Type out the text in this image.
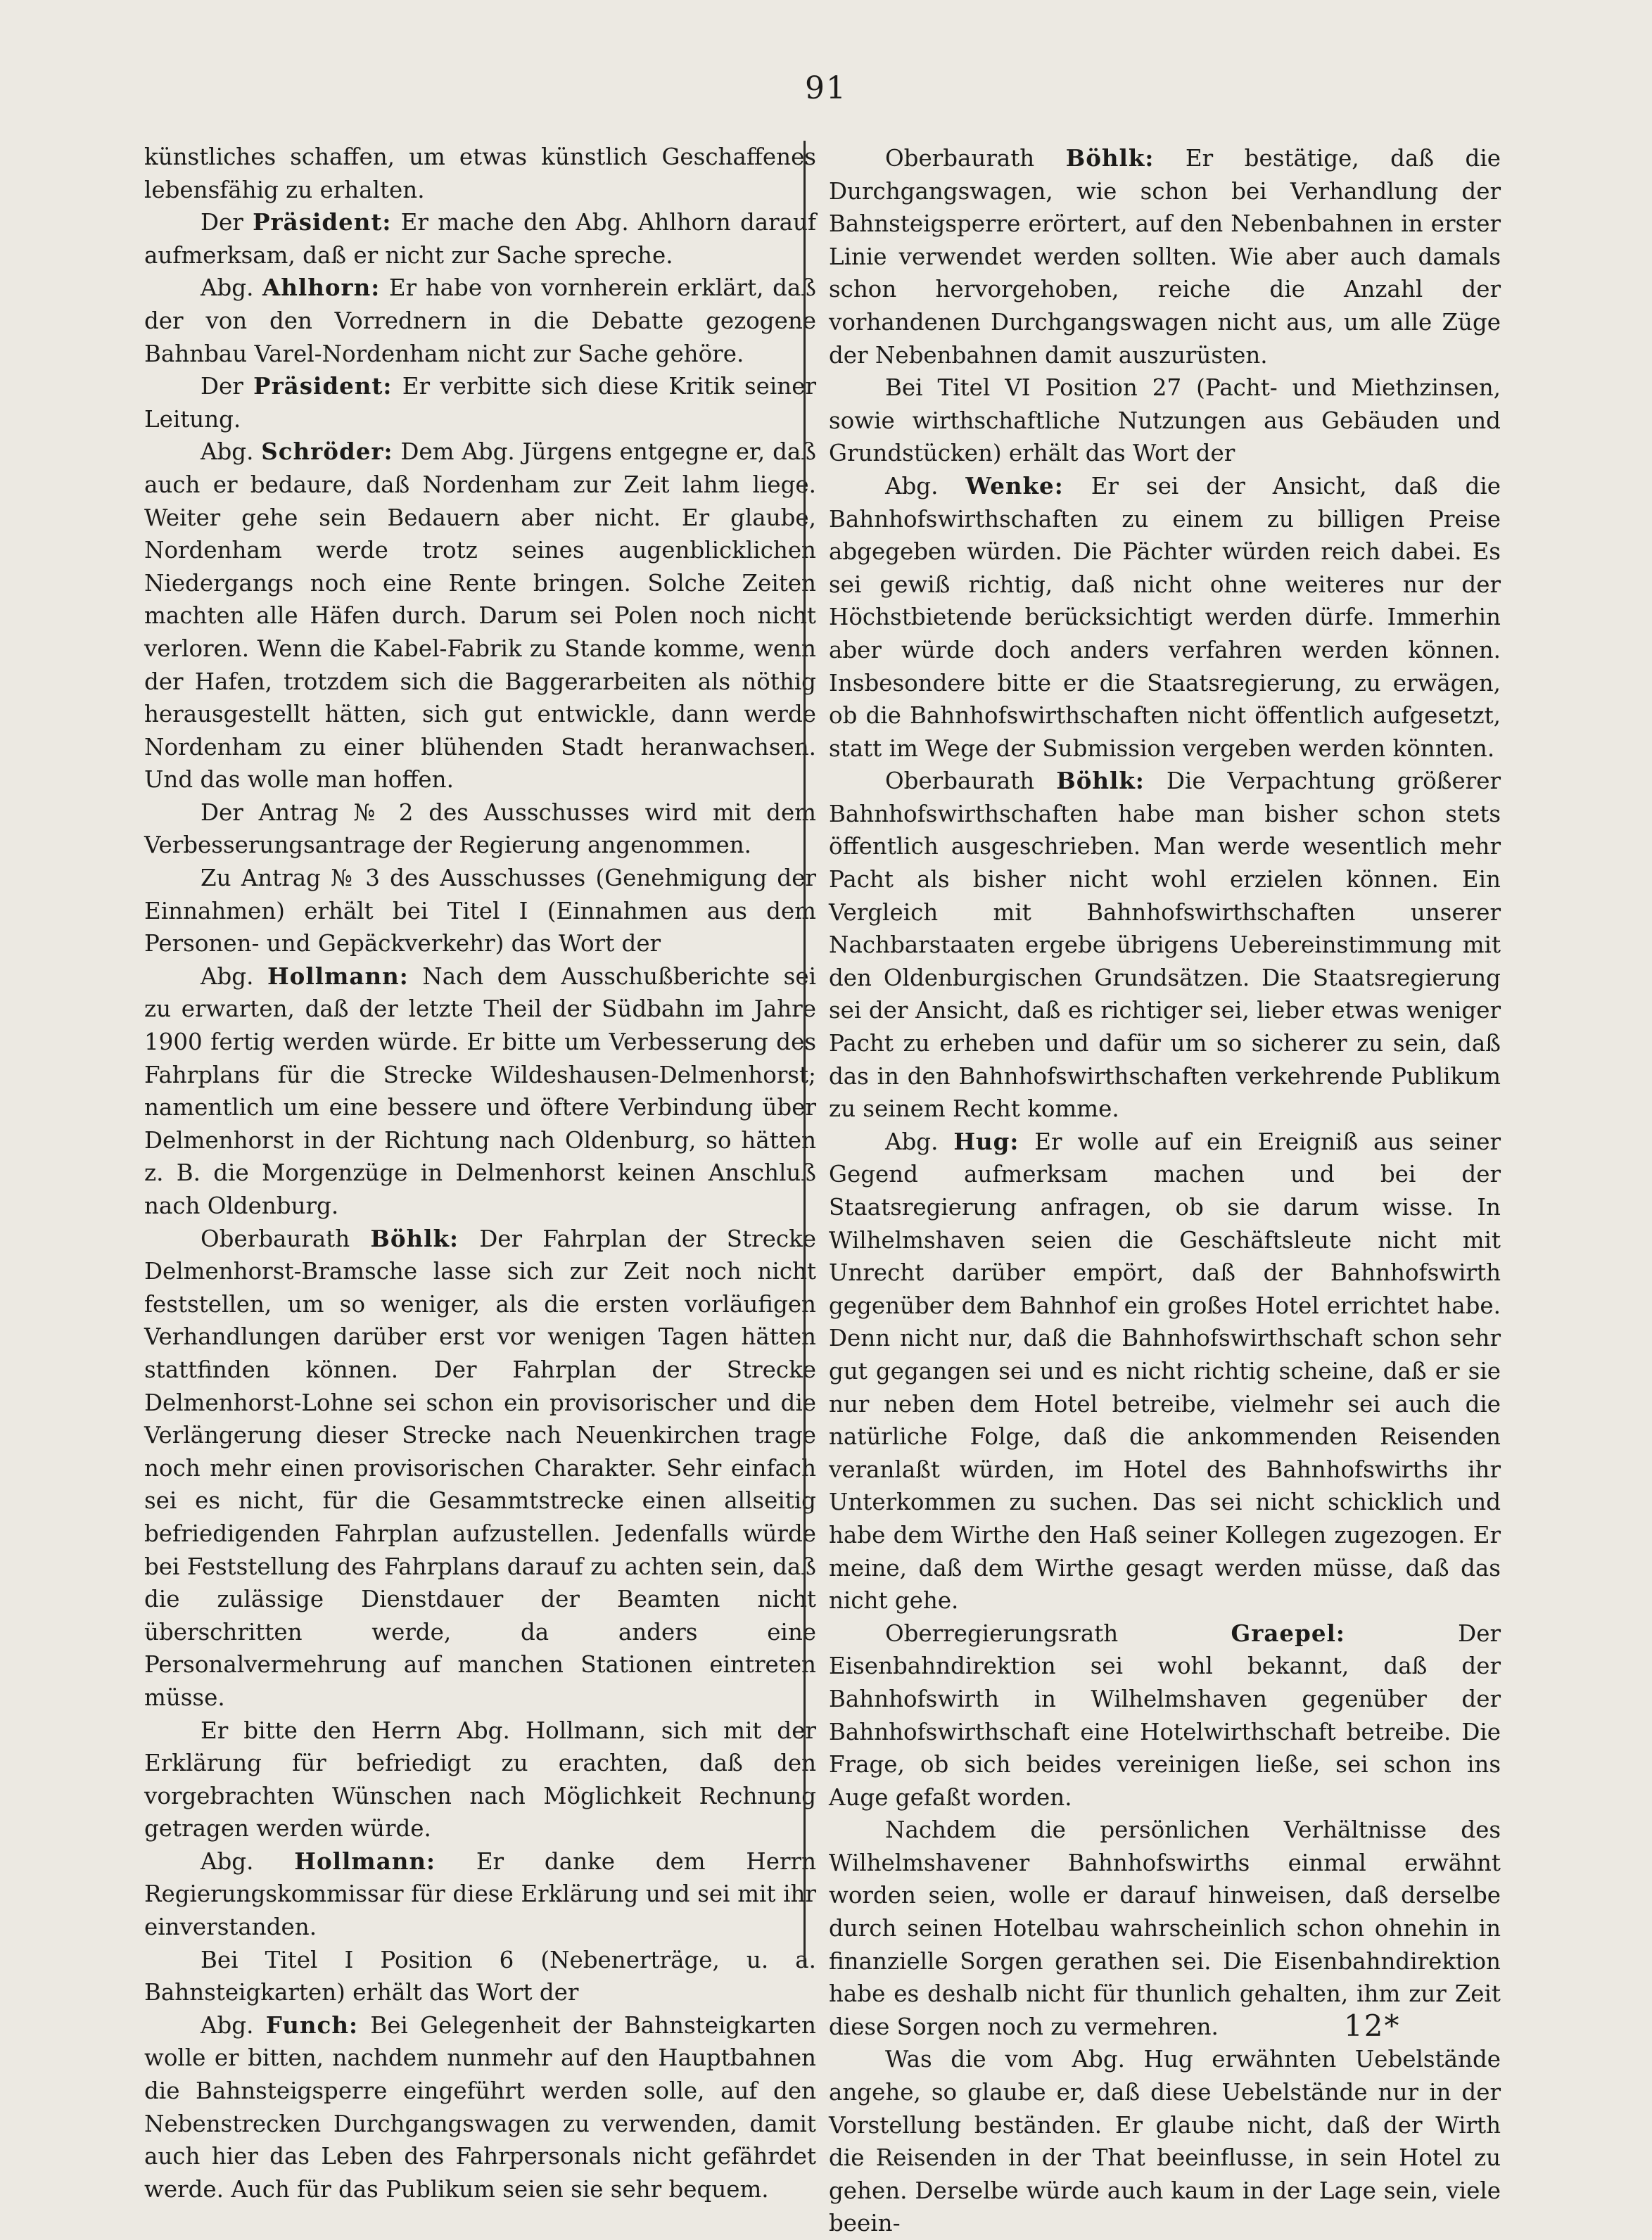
91

künstliches schaffen, um etwas künstlich Geschaffenes lebensfähig zu erhalten.

Der Präsident: Er mache den Abg. Ahlhorn darauf aufmerksam, daß er nicht zur Sache spreche.

Abg. Ahlhorn: Er habe von vornherein erklärt, daß der von den Vorrednern in die Debatte gezogene Bahnbau Varel-Nordenham nicht zur Sache gehöre.

Der Präsident: Er verbitte sich diese Kritik seiner Leitung.

Abg. Schröder: Dem Abg. Jürgens entgegne er, daß auch er bedaure, daß Nordenham zur Zeit lahm liege. Weiter gehe sein Bedauern aber nicht. Er glaube, Nordenham werde trotz seines augenblicklichen Niedergangs noch eine Rente bringen. Solche Zeiten machten alle Häfen durch. Darum sei Polen noch nicht verloren. Wenn die Kabel-Fabrik zu Stande komme, wenn der Hafen, trotzdem sich die Baggerarbeiten als nöthig herausgestellt hätten, sich gut entwickle, dann werde Nordenham zu einer blühenden Stadt heranwachsen. Und das wolle man hoffen.

Der Antrag № 2 des Ausschusses wird mit dem Verbesserungsantrage der Regierung angenommen.

Zu Antrag № 3 des Ausschusses (Genehmigung der Einnahmen) erhält bei Titel I (Einnahmen aus dem Personen- und Gepäckverkehr) das Wort der

Abg. Hollmann: Nach dem Ausschußberichte sei zu erwarten, daß der letzte Theil der Südbahn im Jahre 1900 fertig werden würde. Er bitte um Verbesserung des Fahrplans für die Strecke Wildeshausen-Delmenhorst; namentlich um eine bessere und öftere Verbindung über Delmenhorst in der Richtung nach Oldenburg, so hätten z. B. die Morgenzüge in Delmenhorst keinen Anschluß nach Oldenburg.

Oberbaurath Böhlk: Der Fahrplan der Strecke Delmenhorst-Bramsche lasse sich zur Zeit noch nicht feststellen, um so weniger, als die ersten vorläufigen Verhandlungen darüber erst vor wenigen Tagen hätten stattfinden können. Der Fahrplan der Strecke Delmenhorst-Lohne sei schon ein provisorischer und die Verlängerung dieser Strecke nach Neuenkirchen trage noch mehr einen provisorischen Charakter. Sehr einfach sei es nicht, für die Gesammtstrecke einen allseitig befriedigenden Fahrplan aufzustellen. Jedenfalls würde bei Feststellung des Fahrplans darauf zu achten sein, daß die zulässige Dienstdauer der Beamten nicht überschritten werde, da anders eine Personalvermehrung auf manchen Stationen eintreten müsse.

Er bitte den Herrn Abg. Hollmann, sich mit der Erklärung für befriedigt zu erachten, daß den vorgebrachten Wünschen nach Möglichkeit Rechnung getragen werden würde.

Abg. Hollmann: Er danke dem Herrn Regierungskommissar für diese Erklärung und sei mit ihr einverstanden.

Bei Titel I Position 6 (Nebenerträge, u. a. Bahnsteigkarten) erhält das Wort der

Abg. Funch: Bei Gelegenheit der Bahnsteigkarten wolle er bitten, nachdem nunmehr auf den Hauptbahnen die Bahnsteigsperre eingeführt werden solle, auf den Nebenstrecken Durchgangswagen zu verwenden, damit auch hier das Leben des Fahrpersonals nicht gefährdet werde. Auch für das Publikum seien sie sehr bequem.

Oberbaurath Böhlk: Er bestätige, daß die Durchgangswagen, wie schon bei Verhandlung der Bahnsteigsperre erörtert, auf den Nebenbahnen in erster Linie verwendet werden sollten. Wie aber auch damals schon hervorgehoben, reiche die Anzahl der vorhandenen Durchgangswagen nicht aus, um alle Züge der Nebenbahnen damit auszurüsten.

Bei Titel VI Position 27 (Pacht- und Miethzinsen, sowie wirthschaftliche Nutzungen aus Gebäuden und Grundstücken) erhält das Wort der

Abg. Wenke: Er sei der Ansicht, daß die Bahnhofswirthschaften zu einem zu billigen Preise abgegeben würden. Die Pächter würden reich dabei. Es sei gewiß richtig, daß nicht ohne weiteres nur der Höchstbietende berücksichtigt werden dürfe. Immerhin aber würde doch anders verfahren werden können. Insbesondere bitte er die Staatsregierung, zu erwägen, ob die Bahnhofswirthschaften nicht öffentlich aufgesetzt, statt im Wege der Submission vergeben werden könnten.

Oberbaurath Böhlk: Die Verpachtung größerer Bahnhofswirthschaften habe man bisher schon stets öffentlich ausgeschrieben. Man werde wesentlich mehr Pacht als bisher nicht wohl erzielen können. Ein Vergleich mit Bahnhofswirthschaften unserer Nachbarstaaten ergebe übrigens Uebereinstimmung mit den Oldenburgischen Grundsätzen. Die Staatsregierung sei der Ansicht, daß es richtiger sei, lieber etwas weniger Pacht zu erheben und dafür um so sicherer zu sein, daß das in den Bahnhofswirthschaften verkehrende Publikum zu seinem Recht komme.

Abg. Hug: Er wolle auf ein Ereigniß aus seiner Gegend aufmerksam machen und bei der Staatsregierung anfragen, ob sie darum wisse. In Wilhelmshaven seien die Geschäftsleute nicht mit Unrecht darüber empört, daß der Bahnhofswirth gegenüber dem Bahnhof ein großes Hotel errichtet habe. Denn nicht nur, daß die Bahnhofswirthschaft schon sehr gut gegangen sei und es nicht richtig scheine, daß er sie nur neben dem Hotel betreibe, vielmehr sei auch die natürliche Folge, daß die ankommenden Reisenden veranlaßt würden, im Hotel des Bahnhofswirths ihr Unterkommen zu suchen. Das sei nicht schicklich und habe dem Wirthe den Haß seiner Kollegen zugezogen. Er meine, daß dem Wirthe gesagt werden müsse, daß das nicht gehe.

Oberregierungsrath Graepel: Der Eisenbahndirektion sei wohl bekannt, daß der Bahnhofswirth in Wilhelmshaven gegenüber der Bahnhofswirthschaft eine Hotelwirthschaft betreibe. Die Frage, ob sich beides vereinigen ließe, sei schon ins Auge gefaßt worden.

Nachdem die persönlichen Verhältnisse des Wilhelmshavener Bahnhofswirths einmal erwähnt worden seien, wolle er darauf hinweisen, daß derselbe durch seinen Hotelbau wahrscheinlich schon ohnehin in finanzielle Sorgen gerathen sei. Die Eisenbahndirektion habe es deshalb nicht für thunlich gehalten, ihm zur Zeit diese Sorgen noch zu vermehren.

Was die vom Abg. Hug erwähnten Uebelstände angehe, so glaube er, daß diese Uebelstände nur in der Vorstellung beständen. Er glaube nicht, daß der Wirth die Reisenden in der That beeinflusse, in sein Hotel zu gehen. Derselbe würde auch kaum in der Lage sein, viele beein-

12*
